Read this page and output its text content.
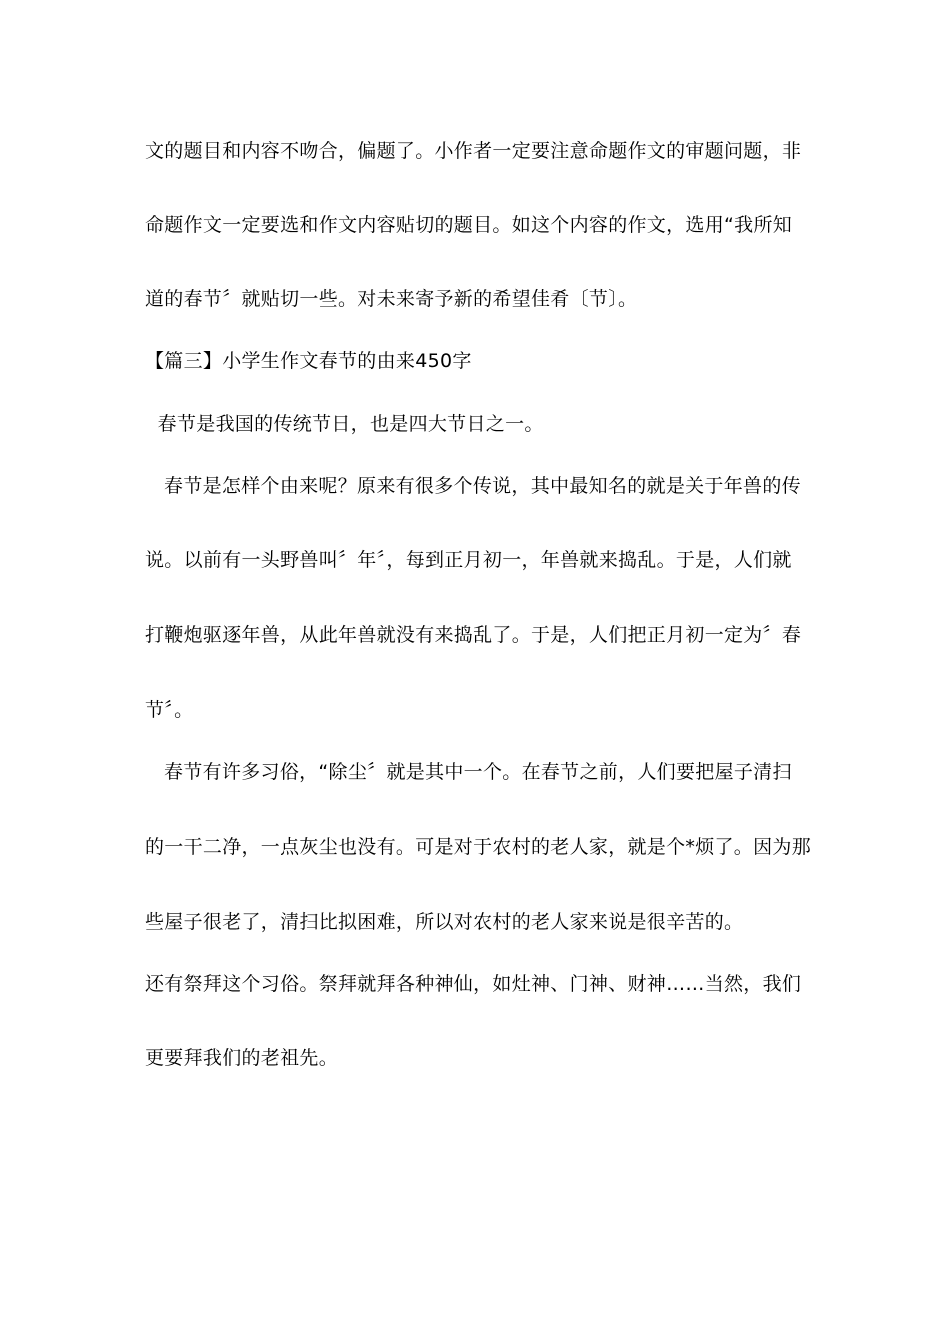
文的题目和内容不吻合，偏题了。小作者一定要注意命题作文的审题问题，非
命题作文一定要选和作文内容贴切的题目。如这个内容的作文，选用“我所知
道的春节〞就贴切一些。对未来寄予新的希望佳肴〔节〕。
【篇三】小学生作文春节的由来450字
春节是我国的传统节日，也是四大节日之一。
春节是怎样个由来呢？原来有很多个传说，其中最知名的就是关于年兽的传
说。以前有一头野兽叫〞年〞，每到正月初一，年兽就来捣乱。于是，人们就
打鞭炮驱逐年兽，从此年兽就没有来捣乱了。于是，人们把正月初一定为〞春
节〞。
春节有许多习俗，“除尘〞就是其中一个。在春节之前，人们要把屋子清扫
的一干二净，一点灰尘也没有。可是对于农村的老人家，就是个*烦了。因为那
些屋子很老了，清扫比拟困难，所以对农村的老人家来说是很辛苦的。
还有祭拜这个习俗。祭拜就拜各种神仙，如灶神、门神、财神……当然，我们
更要拜我们的老祖先。
